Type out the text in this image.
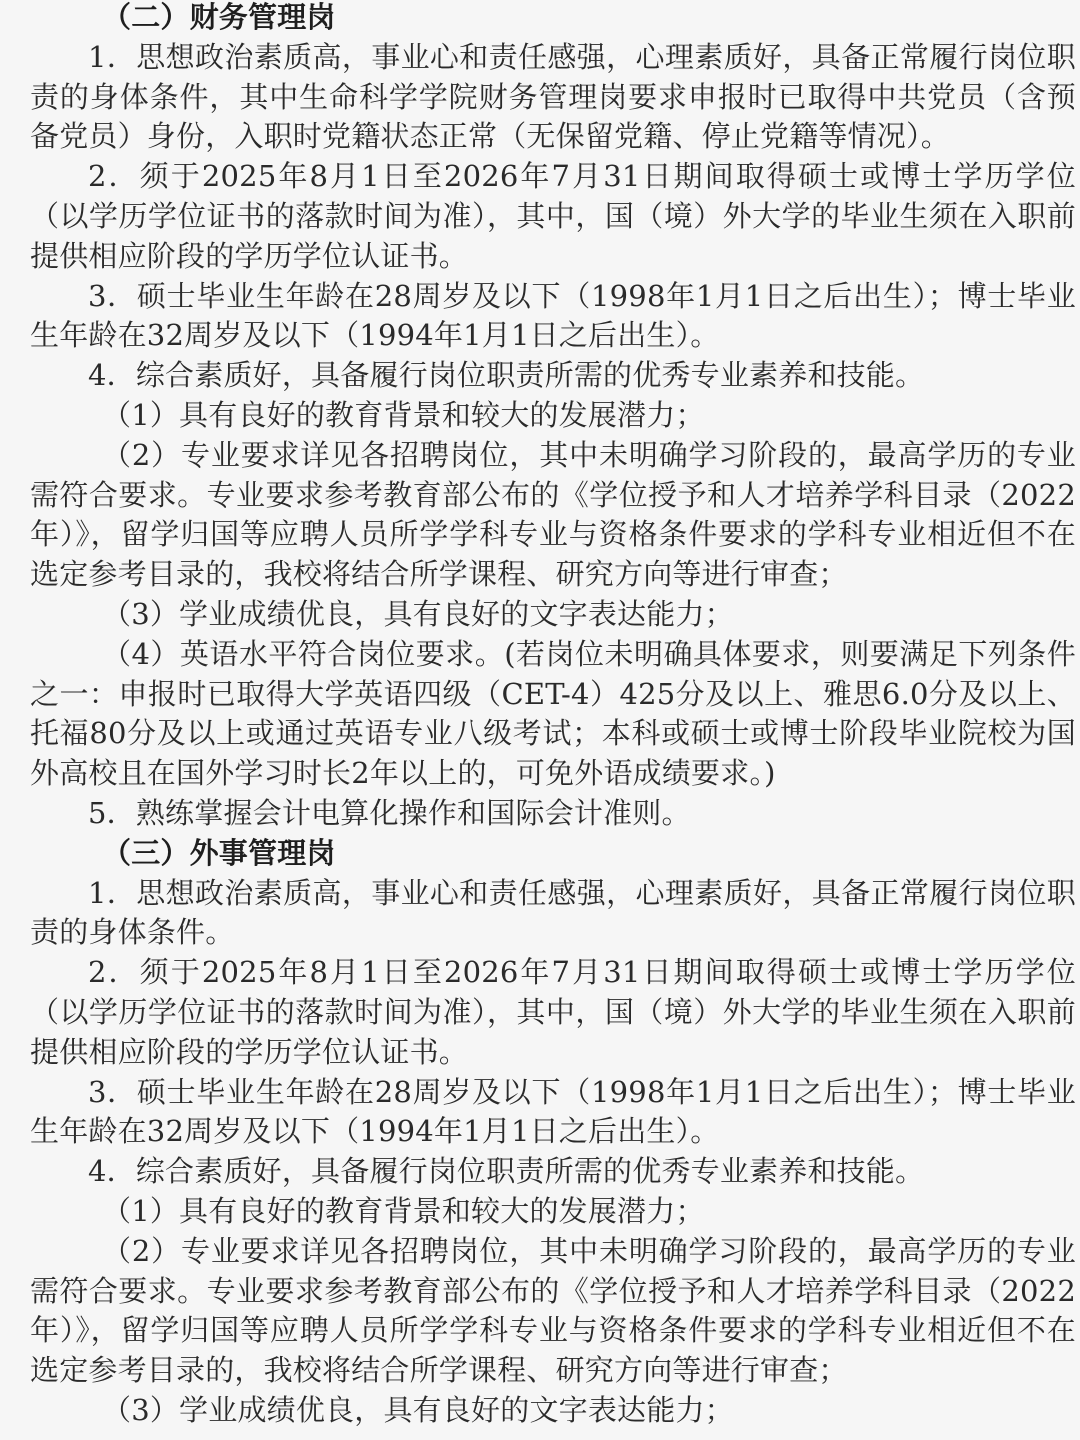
（二）财务管理岗

1．思想政治素质高，事业心和责任感强，心理素质好，具备正常履行岗位职责的身体条件，其中生命科学学院财务管理岗要求申报时已取得中共党员（含预备党员）身份，入职时党籍状态正常（无保留党籍、停止党籍等情况）。

2．须于2025年8月1日至2026年7月31日期间取得硕士或博士学历学位（以学历学位证书的落款时间为准），其中，国（境）外大学的毕业生须在入职前提供相应阶段的学历学位认证书。

3．硕士毕业生年龄在28周岁及以下（1998年1月1日之后出生）；博士毕业生年龄在32周岁及以下（1994年1月1日之后出生）。

4．综合素质好，具备履行岗位职责所需的优秀专业素养和技能。

（1）具有良好的教育背景和较大的发展潜力；

（2）专业要求详见各招聘岗位，其中未明确学习阶段的，最高学历的专业需符合要求。专业要求参考教育部公布的《学位授予和人才培养学科目录（2022年）》，留学归国等应聘人员所学学科专业与资格条件要求的学科专业相近但不在选定参考目录的，我校将结合所学课程、研究方向等进行审查；

（3）学业成绩优良，具有良好的文字表达能力；

（4）英语水平符合岗位要求。(若岗位未明确具体要求，则要满足下列条件之一：申报时已取得大学英语四级（CET-4）425分及以上、雅思6.0分及以上、托福80分及以上或通过英语专业八级考试；本科或硕士或博士阶段毕业院校为国外高校且在国外学习时长2年以上的，可免外语成绩要求。)

5．熟练掌握会计电算化操作和国际会计准则。

（三）外事管理岗

1．思想政治素质高，事业心和责任感强，心理素质好，具备正常履行岗位职责的身体条件。

2．须于2025年8月1日至2026年7月31日期间取得硕士或博士学历学位（以学历学位证书的落款时间为准），其中，国（境）外大学的毕业生须在入职前提供相应阶段的学历学位认证书。

3．硕士毕业生年龄在28周岁及以下（1998年1月1日之后出生）；博士毕业生年龄在32周岁及以下（1994年1月1日之后出生）。

4．综合素质好，具备履行岗位职责所需的优秀专业素养和技能。

（1）具有良好的教育背景和较大的发展潜力；

（2）专业要求详见各招聘岗位，其中未明确学习阶段的，最高学历的专业需符合要求。专业要求参考教育部公布的《学位授予和人才培养学科目录（2022年）》，留学归国等应聘人员所学学科专业与资格条件要求的学科专业相近但不在选定参考目录的，我校将结合所学课程、研究方向等进行审查；

（3）学业成绩优良，具有良好的文字表达能力；
